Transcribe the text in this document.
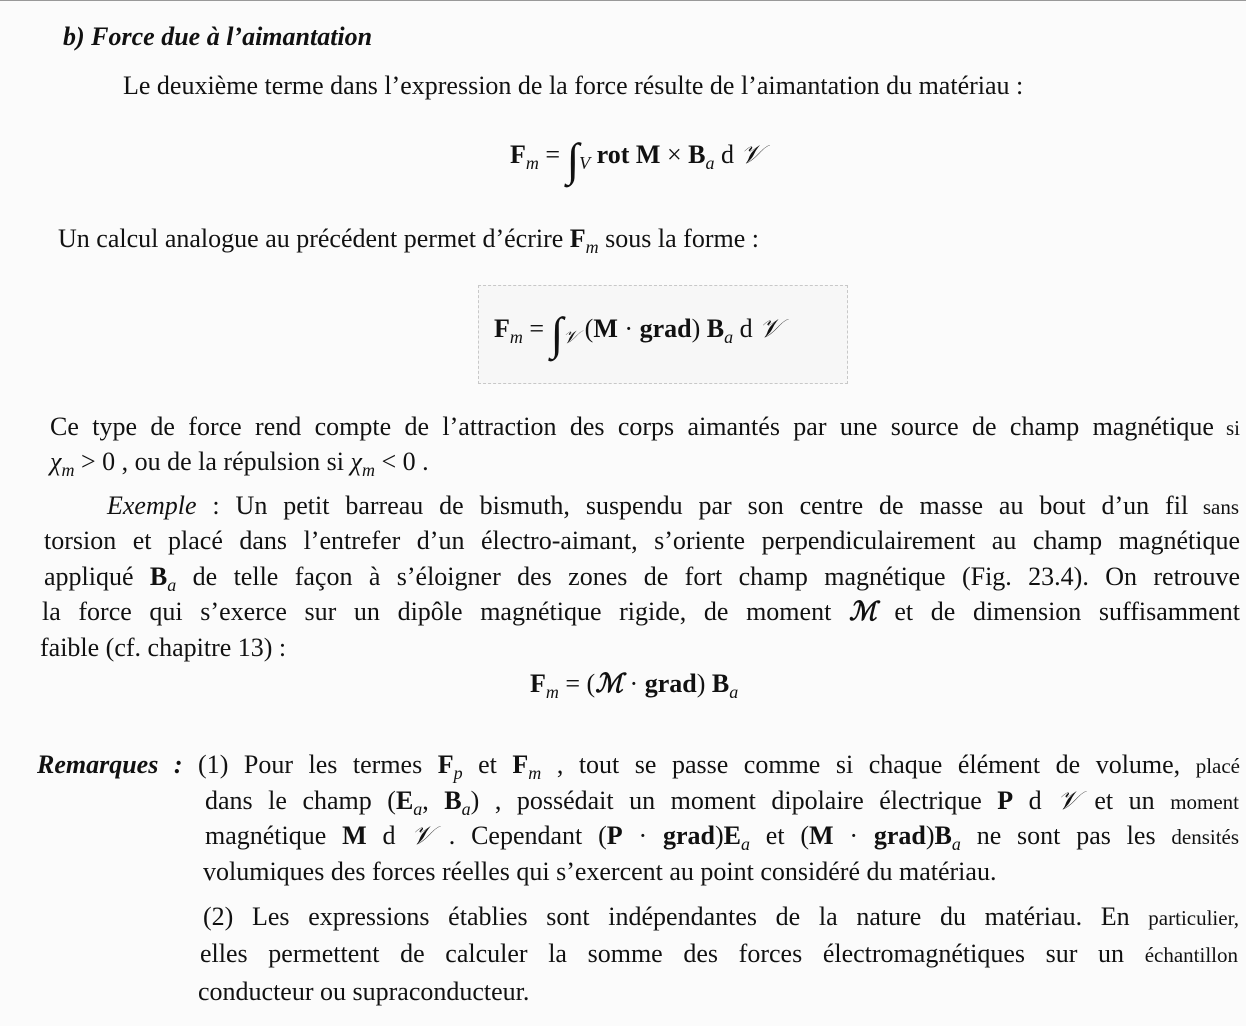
b) Force due à l’aimantation
Le deuxième terme dans l’expression de la force résulte de l’aimantation du matériau :
$F_m = \int_V$ rot $M \times B_a$ d 𝒱
Un calcul analogue au précédent permet d’écrire $F_m$ sous la forme :
$F_m = \int_𝒱$ (M · grad) $B_a$ d 𝒱
Ce type de force rend compte de l’attraction des corps aimantés par une source de champ magnétique si
$\chi_m > 0$ , ou de la répulsion si $\chi_m < 0$ .
Exemple : Un petit barreau de bismuth, suspendu par son centre de masse au bout d’un fil sans
torsion et placé dans l’entrefer d’un électro-aimant, s’oriente perpendiculairement au champ magnétique
appliqué $B_a$ de telle façon à s’éloigner des zones de fort champ magnétique (Fig. 23.4). On retrouve
la force qui s’exerce sur un dipôle magnétique rigide, de moment ℳ et de dimension suffisamment
faible (cf. chapitre 13) :
$F_m$ = (ℳ · grad) $B_a$
Remarques : (1) Pour les termes $F_p$ et $F_m$ , tout se passe comme si chaque élément de volume, placé
dans le champ ($E_a$, $B_a$) , possédait un moment dipolaire électrique P d 𝒱 et un moment
magnétique M d 𝒱 . Cependant $(P \cdot grad)E_a$ et $(M \cdot grad)B_a$ ne sont pas les densités
volumiques des forces réelles qui s’exercent au point considéré du matériau.
(2) Les expressions établies sont indépendantes de la nature du matériau. En particulier,
elles permettent de calculer la somme des forces électromagnétiques sur un échantillon
conducteur ou supraconducteur.
